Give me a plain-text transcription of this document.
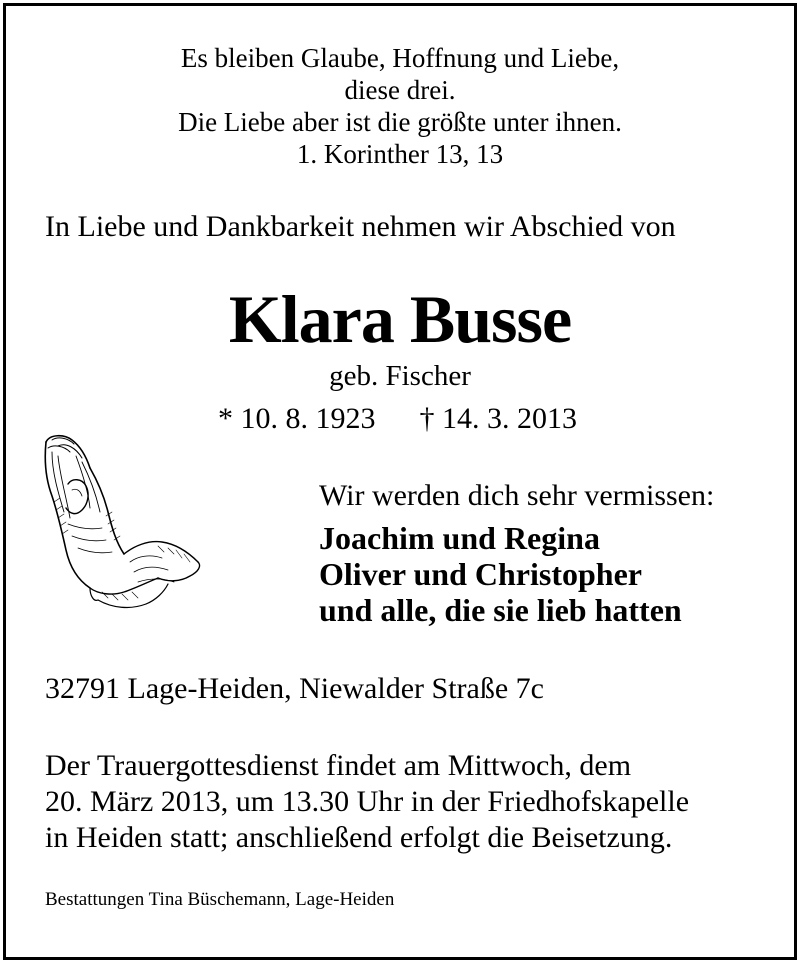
Es bleiben Glaube, Hoffnung und Liebe,
diese drei.
Die Liebe aber ist die größte unter ihnen.
1. Korinther 13, 13
In Liebe und Dankbarkeit nehmen wir Abschied von
Klara Busse
geb. Fischer
* 10. 8. 1923 † 14. 3. 2013
Wir werden dich sehr vermissen:
Joachim und Regina
Oliver und Christopher
und alle, die sie lieb hatten
32791 Lage-Heiden, Niewalder Straße 7c
Der Trauergottesdienst findet am Mittwoch, dem
20. März 2013, um 13.30 Uhr in der Friedhofskapelle
in Heiden statt; anschließend erfolgt die Beisetzung.
Bestattungen Tina Büschemann, Lage-Heiden
